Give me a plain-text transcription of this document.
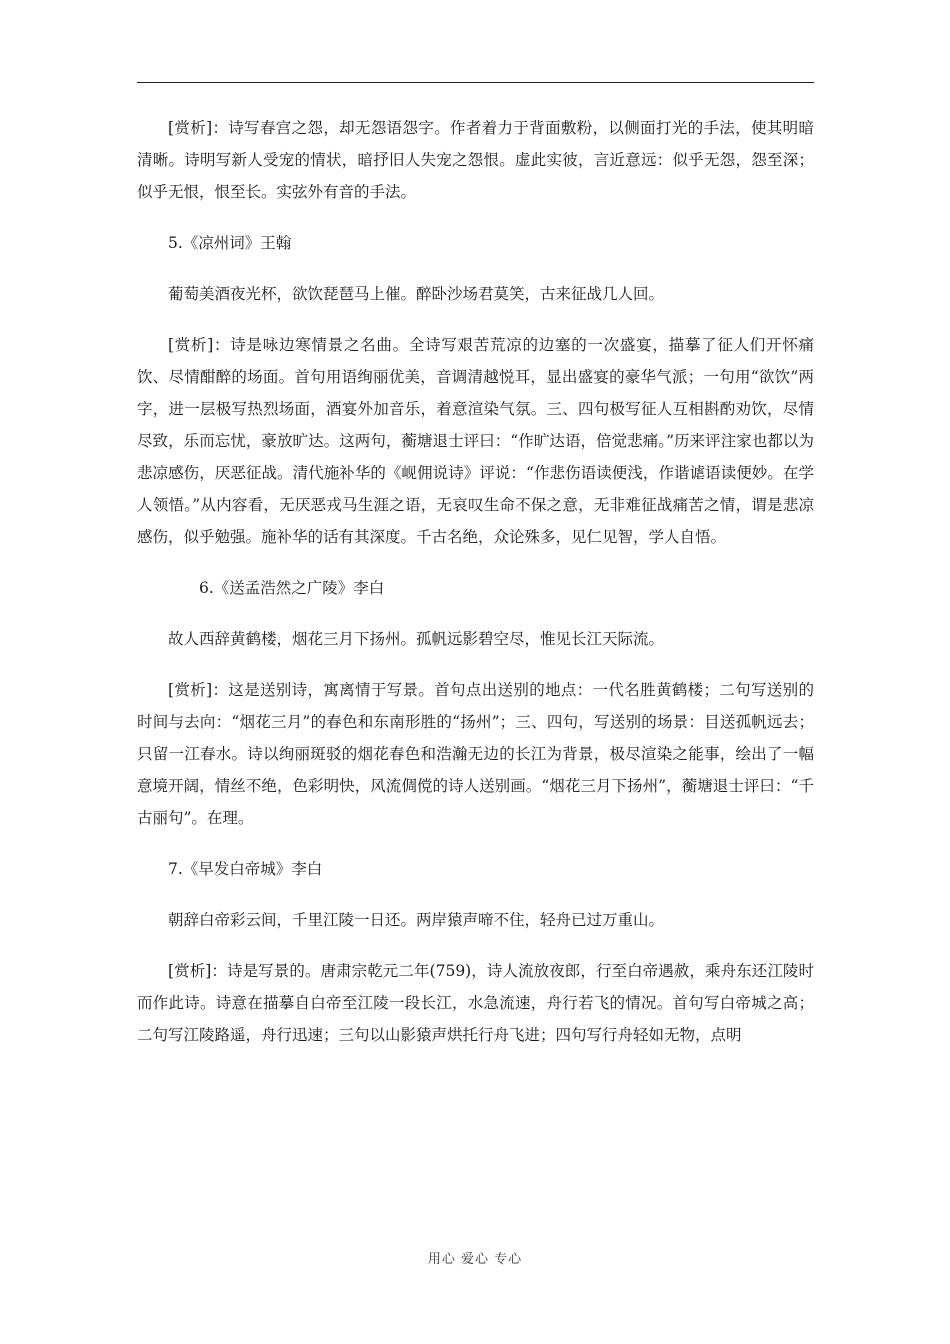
[赏析]：诗写春宫之怨，却无怨语怨字。作者着力于背面敷粉，以侧面打光的手法，使其明暗清晰。诗明写新人受宠的情状，暗抒旧人失宠之怨恨。虚此实彼，言近意远：似乎无怨，怨至深；似乎无恨，恨至长。实弦外有音的手法。

5.《凉州词》王翰

葡萄美酒夜光杯，欲饮琵琶马上催。醉卧沙场君莫笑，古来征战几人回。

[赏析]：诗是咏边寒情景之名曲。全诗写艰苦荒凉的边塞的一次盛宴，描摹了征人们开怀痛饮、尽情酣醉的场面。首句用语绚丽优美，音调清越悦耳，显出盛宴的豪华气派；一句用“欲饮”两字，进一层极写热烈场面，酒宴外加音乐，着意渲染气氛。三、四句极写征人互相斟酌劝饮，尽情尽致，乐而忘忧，豪放旷达。这两句，蘅塘退士评曰：“作旷达语，倍觉悲痛。”历来评注家也都以为悲凉感伤，厌恶征战。清代施补华的《岘佣说诗》评说：“作悲伤语读便浅，作谐谑语读便妙。在学人领悟。”从内容看，无厌恶戎马生涯之语，无哀叹生命不保之意，无非难征战痛苦之情，谓是悲凉感伤，似乎勉强。施补华的话有其深度。千古名绝，众论殊多，见仁见智，学人自悟。

6.《送孟浩然之广陵》李白

故人西辞黄鹤楼，烟花三月下扬州。孤帆远影碧空尽，惟见长江天际流。

[赏析]：这是送别诗，寓离情于写景。首句点出送别的地点：一代名胜黄鹤楼；二句写送别的时间与去向：“烟花三月”的春色和东南形胜的“扬州”；三、四句，写送别的场景：目送孤帆远去；只留一江春水。诗以绚丽斑驳的烟花春色和浩瀚无边的长江为背景，极尽渲染之能事，绘出了一幅意境开阔，情丝不绝，色彩明快，风流倜傥的诗人送别画。“烟花三月下扬州”，蘅塘退士评曰：“千古丽句”。在理。

7.《早发白帝城》李白

朝辞白帝彩云间，千里江陵一日还。两岸猿声啼不住，轻舟已过万重山。

[赏析]：诗是写景的。唐肃宗乾元二年(759)，诗人流放夜郎，行至白帝遇赦，乘舟东还江陵时而作此诗。诗意在描摹自白帝至江陵一段长江，水急流速，舟行若飞的情况。首句写白帝城之高；二句写江陵路遥，舟行迅速；三句以山影猿声烘托行舟飞进；四句写行舟轻如无物，点明

用心 爱心 专心
